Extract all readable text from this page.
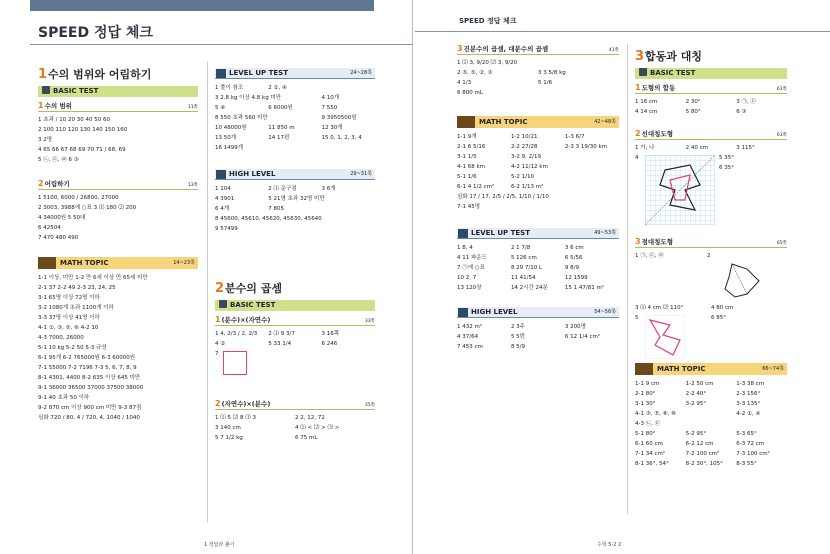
SPEED 정답 체크
1수의 범위와 어림하기
BASIC TEST
1수의 범위	11쪽
1 초과 / 10 20 30 40 50 60
2 100 110 120 130 140 150 160
3 2명
4 65 66 67 68 69 70 71 / 68, 69
5 ㉡, ㉢, ㉥ 6 ③
2어림하기	13쪽
1 5100, 6000 / 26800, 27000
2 3003, 3988에 ○표 3 ⑴ 180 ⑵ 200
4 34000원 5 50대
6 42504
7 470 480 490
MATH TOPIC	14~23쪽
1-1 이상, 미만 1-2 만 6세 이상 만 65세 미만
2-1 37 2-2 49 2-3 23, 24, 25
3-1 65명 이상 72명 이하
3-2 1080개 초과 1100개 이하
3-3 37명 이상 41명 이하
4-1 ①, ③, ⑤, ⑥ 4-2 10
4-3 7000, 26000
5-1 10 kg 5-2 50 5-3 규성
6-1 95개 6-2 765000원 6-3 60000원
7-1 55000 7-2 7196 7-3 5, 6, 7, 8, 9
8-1 4301, 4400 8-2 635 이상 645 미만
9-1 36000 36500 37000 37500 38000
9-1 40 초과 50 이하
9-2 870 cm 이상 900 cm 미만 9-3 87점
심화 720 / 80, 4 / 720, 4, 1040 / 1040
LEVEL UP TEST	24~28쪽
1 풀이 참조	2 ②, ④
3 2.8 kg 이상 4.8 kg 미만	4 10개
5 ④	6 6000원	7 550
8 550 초과 560 미만	9 3950500원
10 48000원	11 850 m	12 30개
13 50개	14 17편	15 0, 1, 2, 3, 4
16 1499개
HIGH LEVEL	29~31쪽
1 104	2 ⑴ 운구점	3 6개
4 3901	5 21명 초과 32명 미만
6 4개	7 805
8 45600, 45610, 45620, 45630, 45640
9 57499
2분수의 곱셈
BASIC TEST
1(분수)×(자연수)	33쪽
1 4, 2/3 / 2, 2/3	2 ⑴ 9 3/7	3 16쪽
4 ②	5 33 1/4	6 246
7
2(자연수)×(분수)	35쪽
1 ⑴ 5 ⑵ 8 ⑶ 3	2 2, 12, 72
3 140 cm	4 ⑴ < ⑵ > ⑶ >
5 7 1/2 kg	6 75 mL
1 정답과 풀이
SPEED 정답 체크
3진분수의 곱셈, 대분수의 곱셈	41쪽
1 ⑴ 3, 9/20 ⑵ 3, 9/20
2 ⑤, ⑤, ②, ③	3 3 5/8 kg
4 1/3	5 1/6
6 800 mL
MATH TOPIC	42~48쪽
1-1 9개	1-2 10/21	1-3 6/7
2-1 6 5/16	2-2 27/28	2-3 3 19/30 km
3-1 1/5	3-2 9, 2/19
4-1 68 km	4-2 11/12 km
5-1 1/6	5-2 1/10
6-1 4 1/2 cm²	6-2 1/13 m²
심화 17 / 17, 2/5 / 2/5, 1/10 / 1/10
7-1 45명
LEVEL UP TEST	49~53쪽
1 8, 4	2 1 7/8	3 6 cm
4 11 파운드	5 126 cm	6 5/56
7 ㉠에 ○표	8 29 7/10 L	9 8/9
10 2, 7	11 41/54	12 1599
13 120장	14 2시간 24분	15 1 47/81 m²
HIGH LEVEL	54~56쪽
1 432 m²	2 3주	3 200명
4 37/64	5 5번	6 12 1/4 cm²
7 453 cm	8 5/9
3합동과 대칭
BASIC TEST
1도형의 합동	61쪽
1 16 cm	2 30°	3 ㉠, ㉢
4 14 cm	5 80°	6 ③
2선대칭도형	63쪽
1 가, 나	2 40 cm	3 115°
4	5 35°
6 35°
3점대칭도형	65쪽
1 ㉠, ㉢, ㉣	2
3 ⑴ 4 cm ⑵ 110°	4 80 cm
5	6 85°
MATH TOPIC	66~74쪽
1-1 9 cm	1-2 50 cm	1-3 38 cm
2-1 80°	2-2 40°	2-3 156°
3-1 30°	3-2 95°	3-3 135°
4-1 ③, ⑤, ⑧, ⑩	4-2 ①, ④
4-3 ㉡, ㉢
5-1 80°	5-2 95°	5-3 65°
6-1 60 cm	6-2 12 cm	6-3 72 cm
7-1 34 cm²	7-2 100 cm²	7-3 100 cm²
8-1 36°, 54°	8-2 30°, 105°	8-3 55°
수학 5-2 2
